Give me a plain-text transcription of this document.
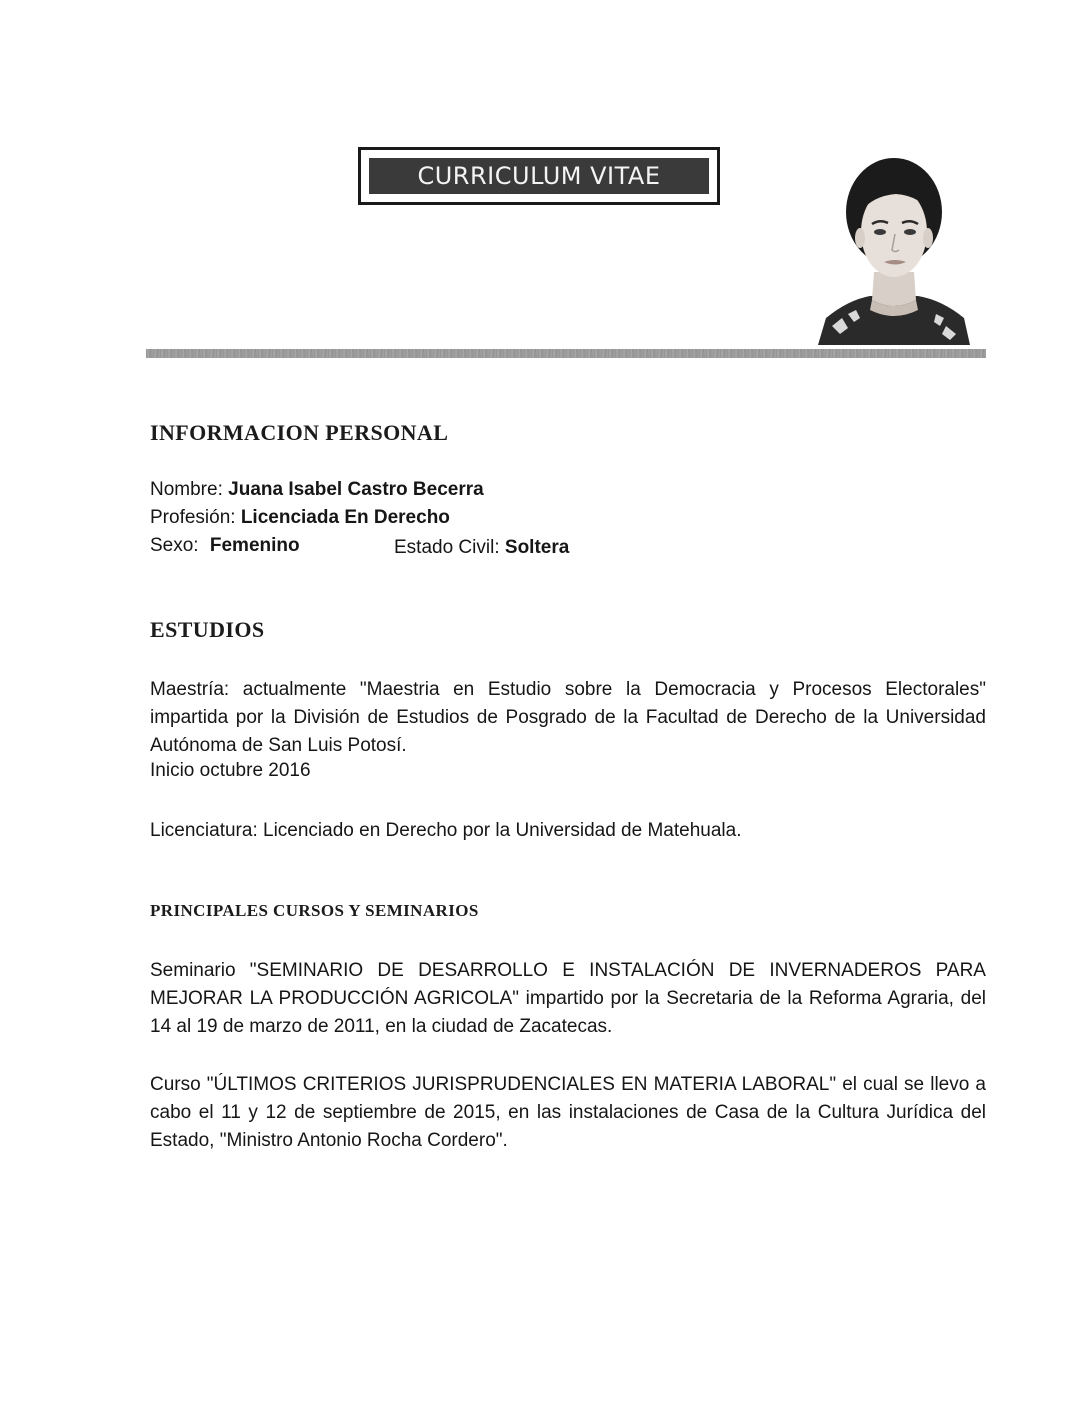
CURRICULUM VITAE
INFORMACION PERSONAL
Nombre: Juana Isabel Castro Becerra
Profesión: Licenciada En Derecho
Sexo: Femenino	Estado Civil: Soltera
ESTUDIOS

Maestría: actualmente "Maestria en Estudio sobre la Democracia y Procesos Electorales" impartida por la División de Estudios de Posgrado de la Facultad de Derecho de la Universidad Autónoma de San Luis Potosí.

Inicio octubre 2016

Licenciatura: Licenciado en Derecho por la Universidad de Matehuala.

PRINCIPALES CURSOS Y SEMINARIOS

Seminario "SEMINARIO DE DESARROLLO E INSTALACIÓN DE INVERNADEROS PARA MEJORAR LA PRODUCCIÓN AGRICOLA" impartido por la Secretaria de la Reforma Agraria, del 14 al 19 de marzo de 2011, en la ciudad de Zacatecas.

Curso "ÚLTIMOS CRITERIOS JURISPRUDENCIALES EN MATERIA LABORAL" el cual se llevo a cabo el 11 y 12 de septiembre de 2015, en las instalaciones de Casa de la Cultura Jurídica del Estado, "Ministro Antonio Rocha Cordero".
